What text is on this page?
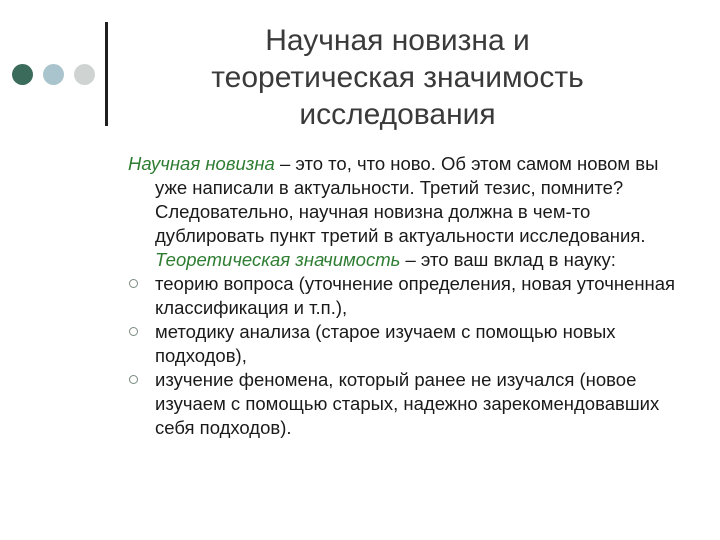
Научная новизна и
теоретическая значимость
исследования

Научная новизна – это то, что ново. Об этом самом новом вы уже написали в актуальности. Третий тезис, помните? Следовательно, научная новизна должна в чем-то дублировать пункт третий в актуальности исследования. Теоретическая значимость – это ваш вклад в науку:

теорию вопроса (уточнение определения, новая уточненная классификация и т.п.),

методику анализа (старое изучаем с помощью новых подходов),

изучение феномена, который ранее не изучался (новое изучаем с помощью старых, надежно зарекомендовавших себя подходов).
